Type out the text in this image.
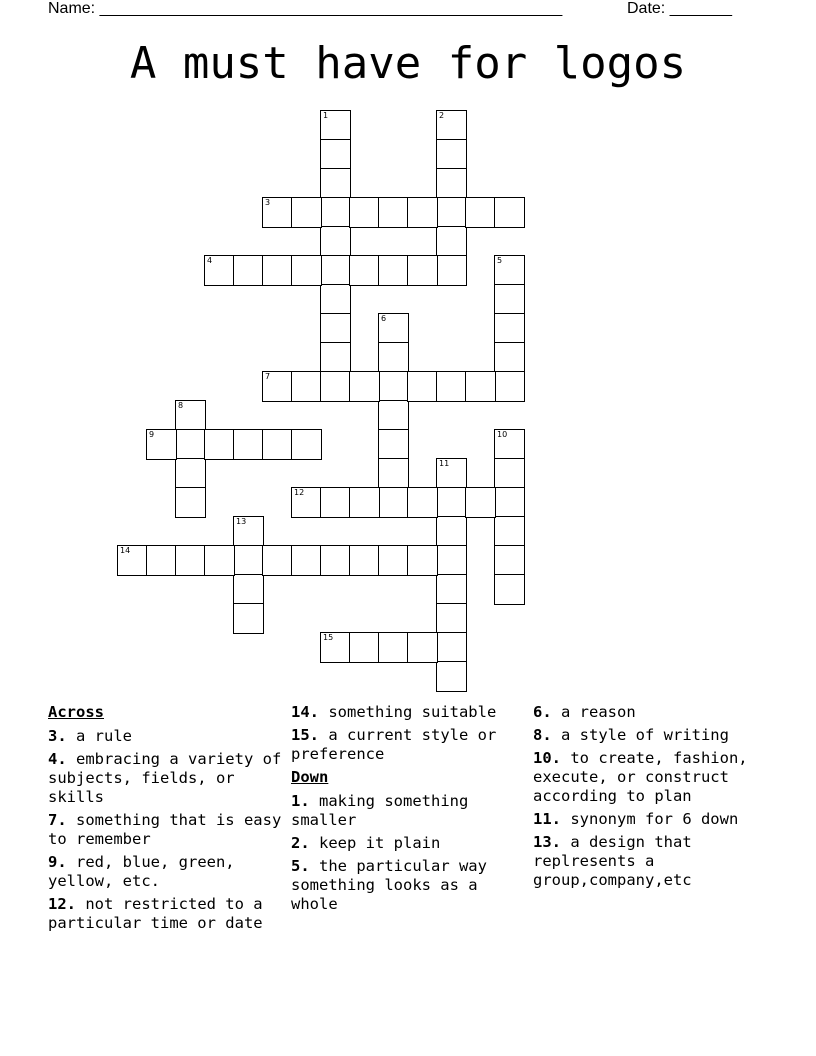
Name: ____________________________________________________	Date: _______
A must have for logos
1	2
3
4	5
6
7
8
9	10
11
12
13
14
15
Across
3. a rule
4. embracing a variety of subjects, fields, or skills
7. something that is easy to remember
9. red, blue, green, yellow, etc.
12. not restricted to a particular time or date
14. something suitable
15. a current style or preference
Down
1. making something smaller
2. keep it plain
5. the particular way something looks as a whole
6. a reason
8. a style of writing
10. to create, fashion, execute, or construct according to plan
11. synonym for 6 down
13. a design that replresents a group,company,etc
